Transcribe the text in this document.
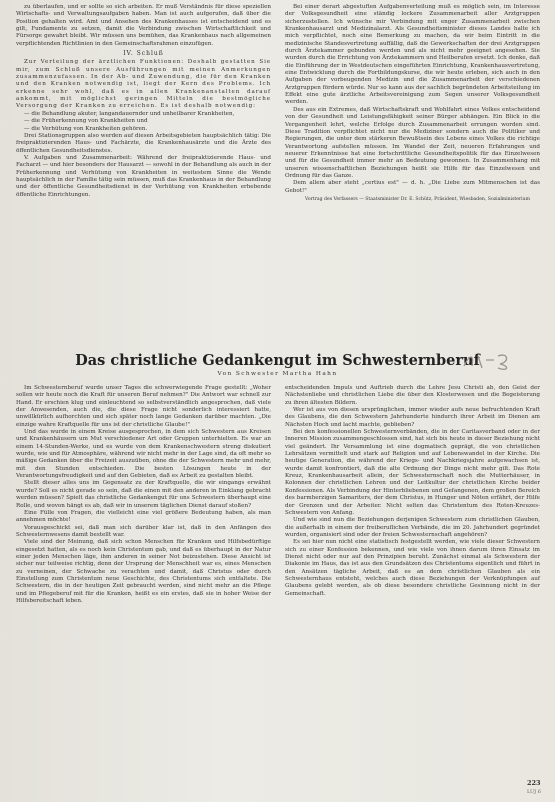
zu überlaufen, und er sollte so sich arbeiten. Er muß Verständnis für diese speziellen Wirtschafts- und Verwaltungsaufgaben haben. Man ist auch aufgerufen, daß über die Position gehalten wird. Amt und Ansehen des Krankenhauses ist entscheidend und es gilt, Fundamente zu setzen, damit die Verbindung zwischen Wirtschaftlichkeit und Fürsorge gewahrt bleibt. Wir müssen uns bemühen, das Krankenhaus nach allgemeinen verpflichtenden Richtlinien in den Gemeinschaftsrahmen einzufügen.

IV. Schluß

Zur Verteilung der ärztlichen Funktionen: Deshalb gestatten Sie mir, zum Schluß unsere Ausführungen mit meinen Anmerkungen zusammenzufassen. In der Ab- und Zuwendung, die für den Kranken und den Kranken notwendig ist, liegt der Kern des Problems. Ich erkenne sehr wohl, daß es in allen Krankenanstalten darauf ankommt, mit möglichst geringen Mitteln die bestmögliche Versorgung der Kranken zu erreichen. Es ist deshalb notwendig:

— die Behandlung akuter, langandauernder und unheilbarer Krankheiten,
— die Früherkennung von Krankheiten und
— die Verhütung von Krankheiten gehören.

Drei Stationsgruppen also werden auf diesen Arbeitsgebieten hauptsächlich tätig: Die freipraktizierenden Haus- und Fachärzte, die Krankenhausärzte und die Ärzte des öffentlichen Gesundheitsdienstes.

V. Aufgaben und Zusammenarbeit: Während der freipraktizierende Haus- und Facharzt — und hier besonders der Hausarzt — sowohl in der Behandlung als auch in der Früherkennung und Verhütung von Krankheiten in weitestem Sinne die Wende hauptsächlich in der Familie tätig sein müssen, muß das Krankenhaus in der Behandlung und der öffentliche Gesundheitsdienst in der Verhütung von Krankheiten erhebende öffentliche Einrichtungen.

Bei einer derart abgestuften Aufgabenverteilung muß es möglich sein, im Interesse der Volksgesundheit eine ständig lockere Zusammenarbeit aller Arztgruppen sicherzustellen. Ich wünsche mir Verbindung mit enger Zusammenarbeit zwischen Krankenhausarzt und Medizinalarzt. Als Gesundheitsminister dieses Landes halte ich mich verpflichtet, noch eine Bemerkung zu machen, da wir beim Eintritt in die medizinische Standesvertretung auffällig, daß die Gewerkschaften der drei Arztgruppen durch Ärztekammer gebunden werden und als nicht mehr geeignet angesehen. Sie wurden durch die Errichtung von Ärztekammern und Heilberufen ersetzt. Ich denke, daß die Einführung der in Westdeutschen eingeführten Einrichtung, Krankenhausvertretung, eine Entwicklung durch die Fortbildungskurse, die wir heute erleben, sich auch in den Aufgaben der vorbeugenden Medizin und die Zusammenarbeit der verschiedenen Arztgruppen fördern würde. Nur so kann aus der sachlich begründeten Arbeitsteilung im Effekt eine gute ärztliche Arbeitsvereinigung zum Segen unserer Volksgesundheit werden.

Des aus ein Extremes, daß Wirtschaftskraft und Wohlfahrt eines Volkes entscheidend von der Gesundheit und Leistungsfähigkeit seiner Bürger abhängen. Ein Blick in die Vergangenheit lehrt, welche Erfolge durch Zusammenarbeit errungen worden sind. Diese Tradition verpflichtet nicht nur die Mediziner sondern auch die Politiker und Regierungen, die unter dem stärkeren Bewußtsein des Lebens eines Volkes die richtige Verantwortung aufstellen müssen. Im Wandel der Zeit, neueren Erfahrungen und neuerer Erkenntnisse hat eine fortschrittliche Gesundheitspolitik für das Einzelwesen und für die Gesundheit immer mehr an Bedeutung gewonnen. In Zusammenhang mit unseren wissenschaftlichen Beziehungen heißt sie Hilfe für das Einzelwesen und Ordnung für das Ganze.

Dem allem aber steht „certius est" — d. h. „Die Liebe zum Mitmenschen ist das Gebot!"

Vortrag des Verfassers — Staatsminister Dr. E. Schütz, Präsident, Wiesbaden, Sozialministerium
Das christliche Gedankengut im Schwesternberuf
Von Schwester Martha Hahn

Im Schwesternberuf wurde unser Tages die schwerwiegende Frage gestellt: „Woher sollen wir heute noch die Kraft für unseren Beruf nehmen?" Die Antwort war schnell zur Hand. Er erschien klug und einleuchtend so selbstverständlich angesprochen, daß viele der Anwesenden, auch die, die diese Frage nicht sonderlich interessiert hatte, unwillkürlich aufhorchten und sich später noch lange Gedanken darüber machten. „Die einzige wahre Kraftquelle für uns ist der christliche Glaube!"

Und das wurde in einem Kreise ausgesprochen, in dem sich Schwestern aus Kreisen und Krankenhäusern um Mut verschiedener Art oder Gruppen unterhielten. Es war an einem 14-Stunden-Werke, und es wurde von dem Krankenschwestern streng diskutiert wurde, wie und für Atmosphäre, während wir nicht mehr in der Lage sind, da oft mehr so mäßige Gedanken über die Freizeit auszuüben, ohne die der Schwestern mehr und mehr, mit den Stunden entschieden. Die besten Lösungen heute in der Verantwortungsfreudigkeit und auf den Gebieten, daß es Arbeit zu gestalten bleibt.

Stellt dieser alles uns im Gegensatz zu der Kraftquelle, die wir eingangs erwähnt wurde? Soll es nicht gerade so sein, daß die einen mit den anderen in Einklang gebracht werden müssen? Spielt das christliche Gedankengut für uns Schwestern überhaupt eine Rolle, und wovon hängt es ab, daß wir in unserem täglichen Dienst darauf stoßen?

Eine Fülle von Fragen, die vielleicht eine viel größere Bedeutung haben, als man annehmen möchte!

Vorausgeschickt sei, daß man sich darüber klar ist, daß in den Anfängen des Schwesternwesens damit bestellt war.

Viele sind der Meinung, daß sich schon Menschen für Kranken und Hilfsbedürftige eingesetzt hatten, als es noch kein Christentum gab, und daß es überhaupt in der Natur einer jeden Menschen läge, ihm anderen in seiner Not beizustehen. Diese Ansicht ist sicher nur teilweise richtig, denn der Ursprung der Menschheit war es, eines Menschen zu verneinen, der Schwache zu verachten und damit, daß Christus oder durch Einstellung zum Christentum neue Geschichte, des Christentums sich entfaltete. Die Schwestern, die in der heutigen Zeit gebraucht werden, sind nicht mehr an die Pflege und im Pflegeberuf mit für die Kranken, heißt es ein erstes, daß sie in hoher Weise der Hilfsbereitschaft leben.

entscheidenden Impuls und Auftrieb durch die Lehre Jesu Christi ab, den Geist der Nächstenliebe und christlichen Liebe die über den Klosterwesen und die Begeisterung zu ihren ältesten Bildern.

Wer ist aus von diesen ursprünglichen, immer wieder aufs neue befruchtenden Kraft des Glaubens, die den Schwestern Jahrhunderte hindurch ihrer Arbeit im Dienen am Nächsten Hoch und lacht machte, geblieben?

Bei den konfessionellen Schwesternverbänden, die in der Caritasverband oder in der Inneren Mission zusammengeschlossen sind, hat sich bis heute in dieser Beziehung nicht viel geändert. Ihr Versammlung ist eine dogmatisch geprägt, die von christlichen Lehrsätzen vermittelt und stark auf Religion und auf Lebenswandel in der Kirche. Die heutige Generation, die während der Kriegs- und Nachkriegsjahre aufgewachsen ist, wurde damit konfrontiert, daß die alte Ordnung der Dinge nicht mehr gilt. Das Rote Kreuz, Krankenhausarbeit allein, der Schwesternschaft noch die Mutterhäuser, in Kolonnen der christlichen Lehren und der Leitkultur der christlichen Kirche beider Konfessionen. Als Verbindung der Hinterbliebenen und Gefangenen, dem großen Bereich des barmherzigen Samariters, der dem Christus, in Hunger und Nöten erfährt, der Hilfe der Grenzen und der Arbeiter. Nicht selten das Christentum des Roten-Kreuzes-Schwestern von Anfang.

Und wie sind nun die Beziehungen derjenigen Schwestern zum christlichen Glauben, die außerhalb in einem der freiberuflichen Verbände, die im 20. Jahrhundert gegründet wurden, organisiert sind oder der freien Schwesternschaft angehören?

Es sei hier nun nicht eine statistisch festgestellt werden, wie viele dieser Schwestern sich zu einer Konfession bekennen, und wie viele von ihnen darum ihren Einsatz im Dienst nicht oder nur auf den Prinzipien beruht. Zunächst einmal als Schwestern der Diakonie im Haus, das ist aus den Grundsätzen des Christentums eigentlich und führt in den Ansätzen tägliche Arbeit, daß es an dem christlichen Glauben als ein Schwesternhaus entsteht, welches auch diese Beziehungen der Verknüpfungen auf Glaubens gelebt werden, als ob diese besondere christliche Gesinnung nicht in der Gemeinschaft.

223
LUJ 6
